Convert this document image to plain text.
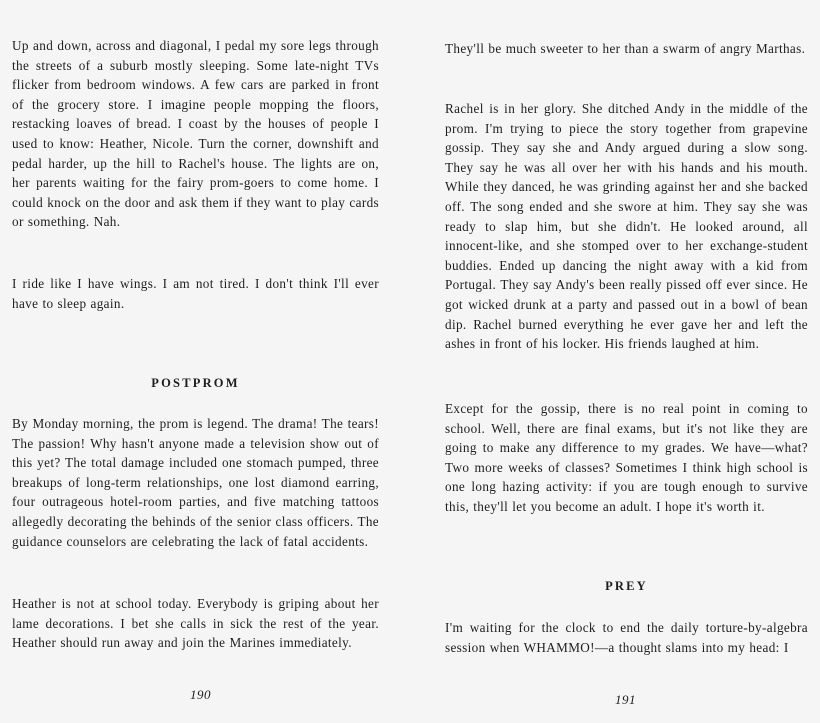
Up and down, across and diagonal, I pedal my sore legs through the streets of a suburb mostly sleeping. Some late-night TVs flicker from bedroom windows. A few cars are parked in front of the grocery store. I imagine people mopping the floors, restacking loaves of bread. I coast by the houses of people I used to know: Heather, Nicole. Turn the corner, downshift and pedal harder, up the hill to Rachel's house. The lights are on, her parents waiting for the fairy prom-goers to come home. I could knock on the door and ask them if they want to play cards or something. Nah.

I ride like I have wings. I am not tired. I don't think I'll ever have to sleep again.

POSTPROM

By Monday morning, the prom is legend. The drama! The tears! The passion! Why hasn't anyone made a television show out of this yet? The total damage included one stomach pumped, three breakups of long-term relationships, one lost diamond earring, four outrageous hotel-room parties, and five matching tattoos allegedly decorating the behinds of the senior class officers. The guidance counselors are celebrating the lack of fatal accidents.

Heather is not at school today. Everybody is griping about her lame decorations. I bet she calls in sick the rest of the year. Heather should run away and join the Marines immediately.

190

They'll be much sweeter to her than a swarm of angry Marthas.

Rachel is in her glory. She ditched Andy in the middle of the prom. I'm trying to piece the story together from grapevine gossip. They say she and Andy argued during a slow song. They say he was all over her with his hands and his mouth. While they danced, he was grinding against her and she backed off. The song ended and she swore at him. They say she was ready to slap him, but she didn't. He looked around, all innocent-like, and she stomped over to her exchange-student buddies. Ended up dancing the night away with a kid from Portugal. They say Andy's been really pissed off ever since. He got wicked drunk at a party and passed out in a bowl of bean dip. Rachel burned everything he ever gave her and left the ashes in front of his locker. His friends laughed at him.

Except for the gossip, there is no real point in coming to school. Well, there are final exams, but it's not like they are going to make any difference to my grades. We have—what? Two more weeks of classes? Sometimes I think high school is one long hazing activity: if you are tough enough to survive this, they'll let you become an adult. I hope it's worth it.

PREY

I'm waiting for the clock to end the daily torture-by-algebra session when WHAMMO!—a thought slams into my head: I

191
